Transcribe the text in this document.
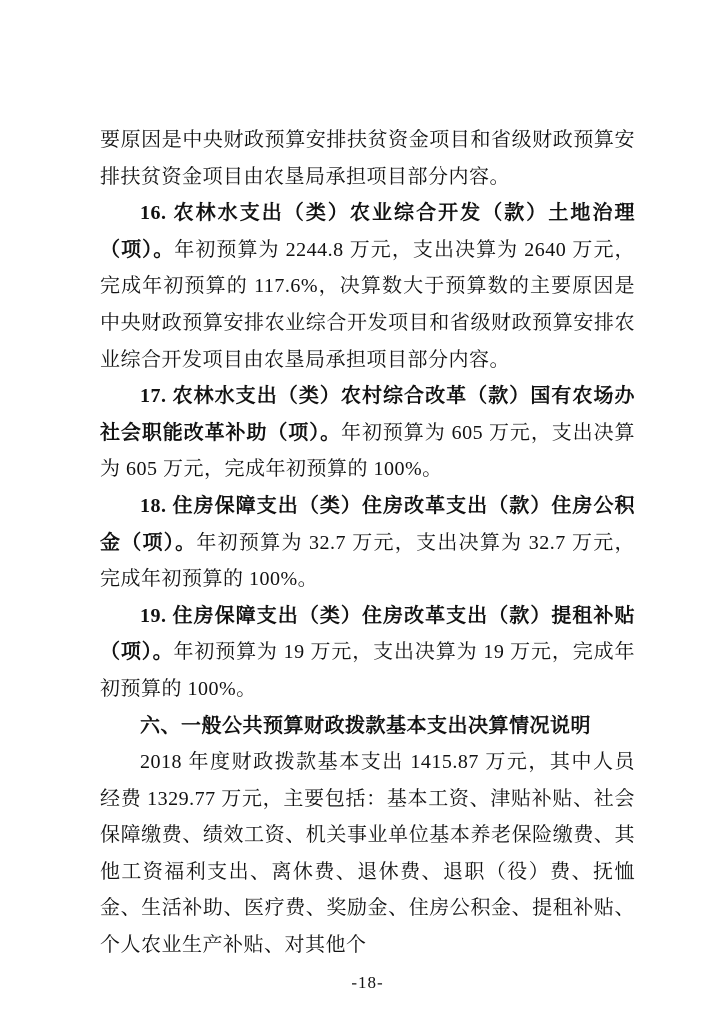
要原因是中央财政预算安排扶贫资金项目和省级财政预算安排扶贫资金项目由农垦局承担项目部分内容。

16. 农林水支出（类）农业综合开发（款）土地治理（项）。年初预算为 2244.8 万元，支出决算为 2640 万元，完成年初预算的 117.6%，决算数大于预算数的主要原因是中央财政预算安排农业综合开发项目和省级财政预算安排农业综合开发项目由农垦局承担项目部分内容。

17. 农林水支出（类）农村综合改革（款）国有农场办社会职能改革补助（项）。年初预算为 605 万元，支出决算为 605 万元，完成年初预算的 100%。

18. 住房保障支出（类）住房改革支出（款）住房公积金（项）。年初预算为 32.7 万元，支出决算为 32.7 万元，完成年初预算的 100%。

19. 住房保障支出（类）住房改革支出（款）提租补贴（项）。年初预算为 19 万元，支出决算为 19 万元，完成年初预算的 100%。

六、一般公共预算财政拨款基本支出决算情况说明

2018 年度财政拨款基本支出 1415.87 万元，其中人员经费 1329.77 万元，主要包括：基本工资、津贴补贴、社会保障缴费、绩效工资、机关事业单位基本养老保险缴费、其他工资福利支出、离休费、退休费、退职（役）费、抚恤金、生活补助、医疗费、奖励金、住房公积金、提租补贴、个人农业生产补贴、对其他个

-18-
